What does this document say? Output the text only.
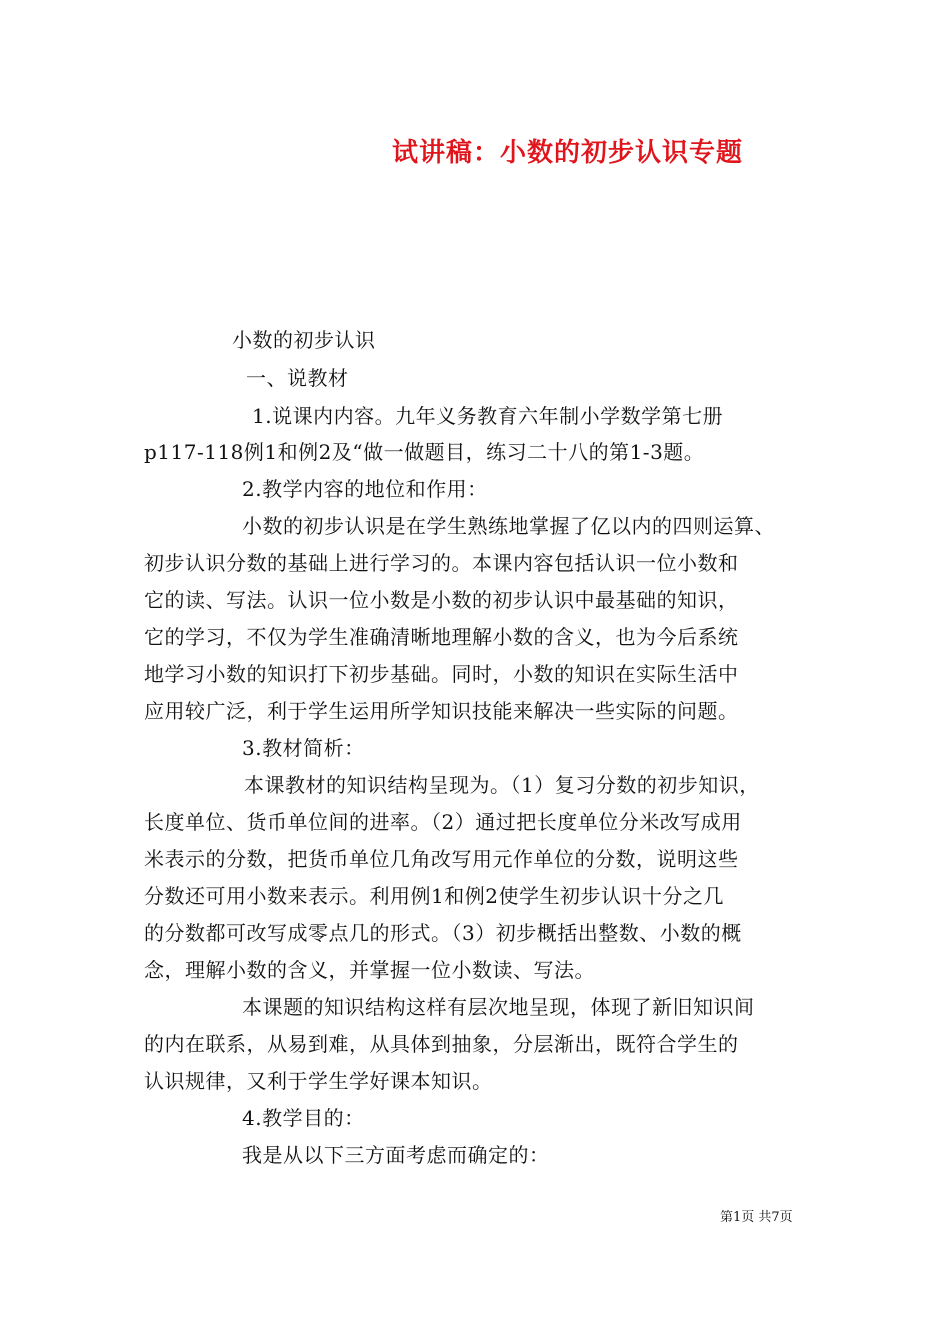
试讲稿：小数的初步认识专题
小数的初步认识
一、说教材
1.说课内内容。九年义务教育六年制小学数学第七册
p117-118例1和例2及“做一做题目，练习二十八的第1-3题。
2.教学内容的地位和作用：
小数的初步认识是在学生熟练地掌握了亿以内的四则运算、
初步认识分数的基础上进行学习的。本课内容包括认识一位小数和
它的读、写法。认识一位小数是小数的初步认识中最基础的知识，
它的学习，不仅为学生准确清晰地理解小数的含义，也为今后系统
地学习小数的知识打下初步基础。同时，小数的知识在实际生活中
应用较广泛，利于学生运用所学知识技能来解决一些实际的问题。
3.教材简析：
本课教材的知识结构呈现为。（1）复习分数的初步知识，
长度单位、货币单位间的进率。（2）通过把长度单位分米改写成用
米表示的分数，把货币单位几角改写用元作单位的分数，说明这些
分数还可用小数来表示。利用例1和例2使学生初步认识十分之几
的分数都可改写成零点几的形式。（3）初步概括出整数、小数的概
念，理解小数的含义，并掌握一位小数读、写法。
本课题的知识结构这样有层次地呈现，体现了新旧知识间
的内在联系，从易到难，从具体到抽象，分层渐出，既符合学生的
认识规律，又利于学生学好课本知识。
4.教学目的：
我是从以下三方面考虑而确定的：
第1页 共7页
